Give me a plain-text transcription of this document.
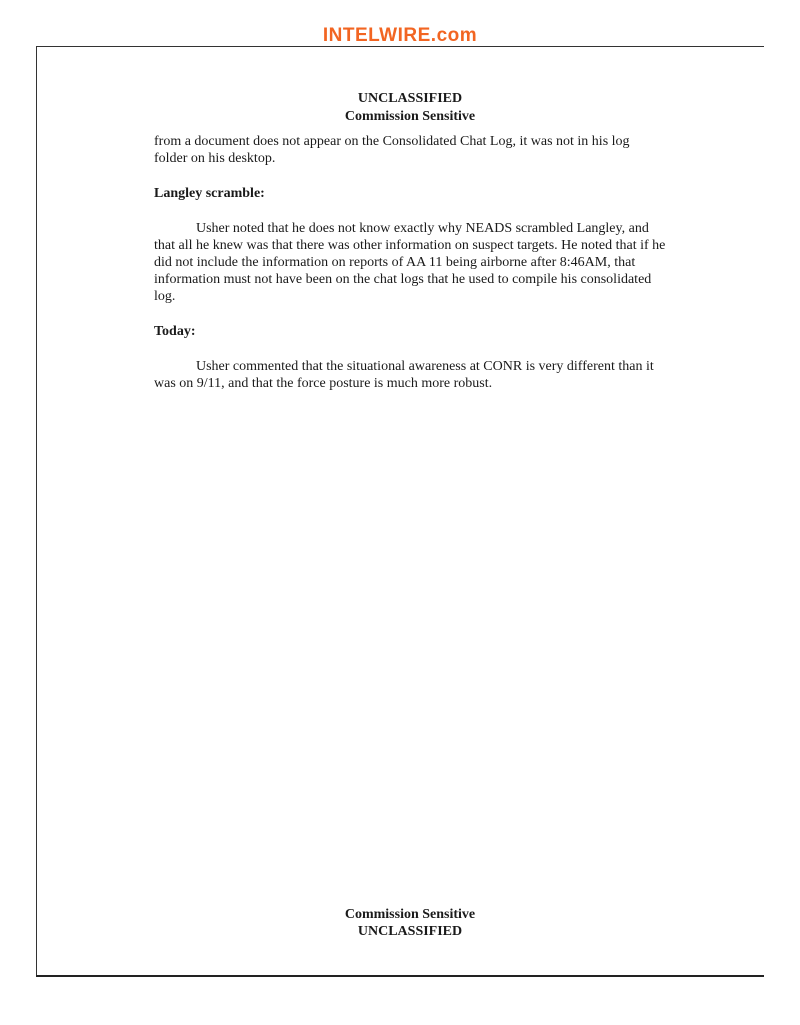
INTELWIRE.com
UNCLASSIFIED
Commission Sensitive

from a document does not appear on the Consolidated Chat Log, it was not in his log folder on his desktop.

Langley scramble:

Usher noted that he does not know exactly why NEADS scrambled Langley, and that all he knew was that there was other information on suspect targets. He noted that if he did not include the information on reports of AA 11 being airborne after 8:46AM, that information must not have been on the chat logs that he used to compile his consolidated log.

Today:

Usher commented that the situational awareness at CONR is very different than it was on 9/11, and that the force posture is much more robust.

Commission Sensitive
UNCLASSIFIED
